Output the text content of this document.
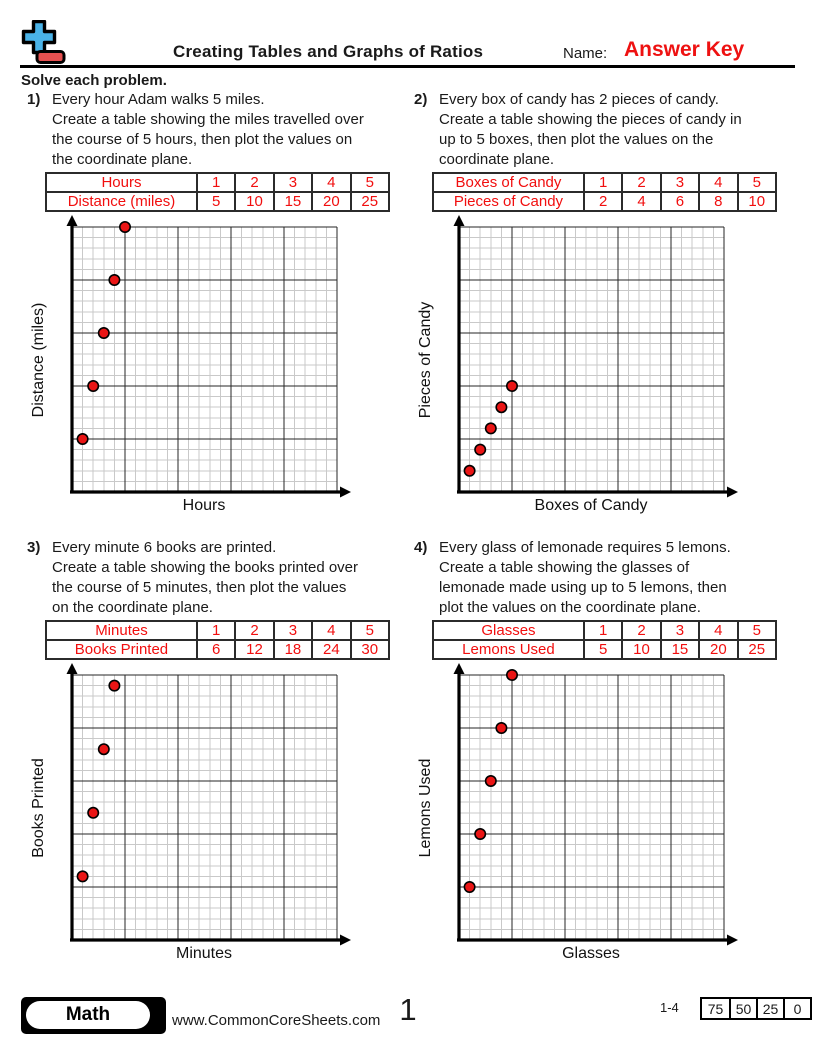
Creating Tables and Graphs of Ratios	Name: Answer Key
Solve each problem.
1) Every hour Adam walks 5 miles.
Create a table showing the miles travelled over
the course of 5 hours, then plot the values on
the coordinate plane.
Hours	1	2	3	4	5
Distance (miles)	5	10	15	20	25
Distance (miles)
Hours
2) Every box of candy has 2 pieces of candy.
Create a table showing the pieces of candy in
up to 5 boxes, then plot the values on the
coordinate plane.
Boxes of Candy	1	2	3	4	5
Pieces of Candy	2	4	6	8	10
Pieces of Candy
Boxes of Candy
3) Every minute 6 books are printed.
Create a table showing the books printed over
the course of 5 minutes, then plot the values
on the coordinate plane.
Minutes	1	2	3	4	5
Books Printed	6	12	18	24	30
Books Printed
Minutes
4) Every glass of lemonade requires 5 lemons.
Create a table showing the glasses of
lemonade made using up to 5 lemons, then
plot the values on the coordinate plane.
Glasses	1	2	3	4	5
Lemons Used	5	10	15	20	25
Lemons Used
Glasses
Math	www.CommonCoreSheets.com 1	1-4	75 50 25	0
